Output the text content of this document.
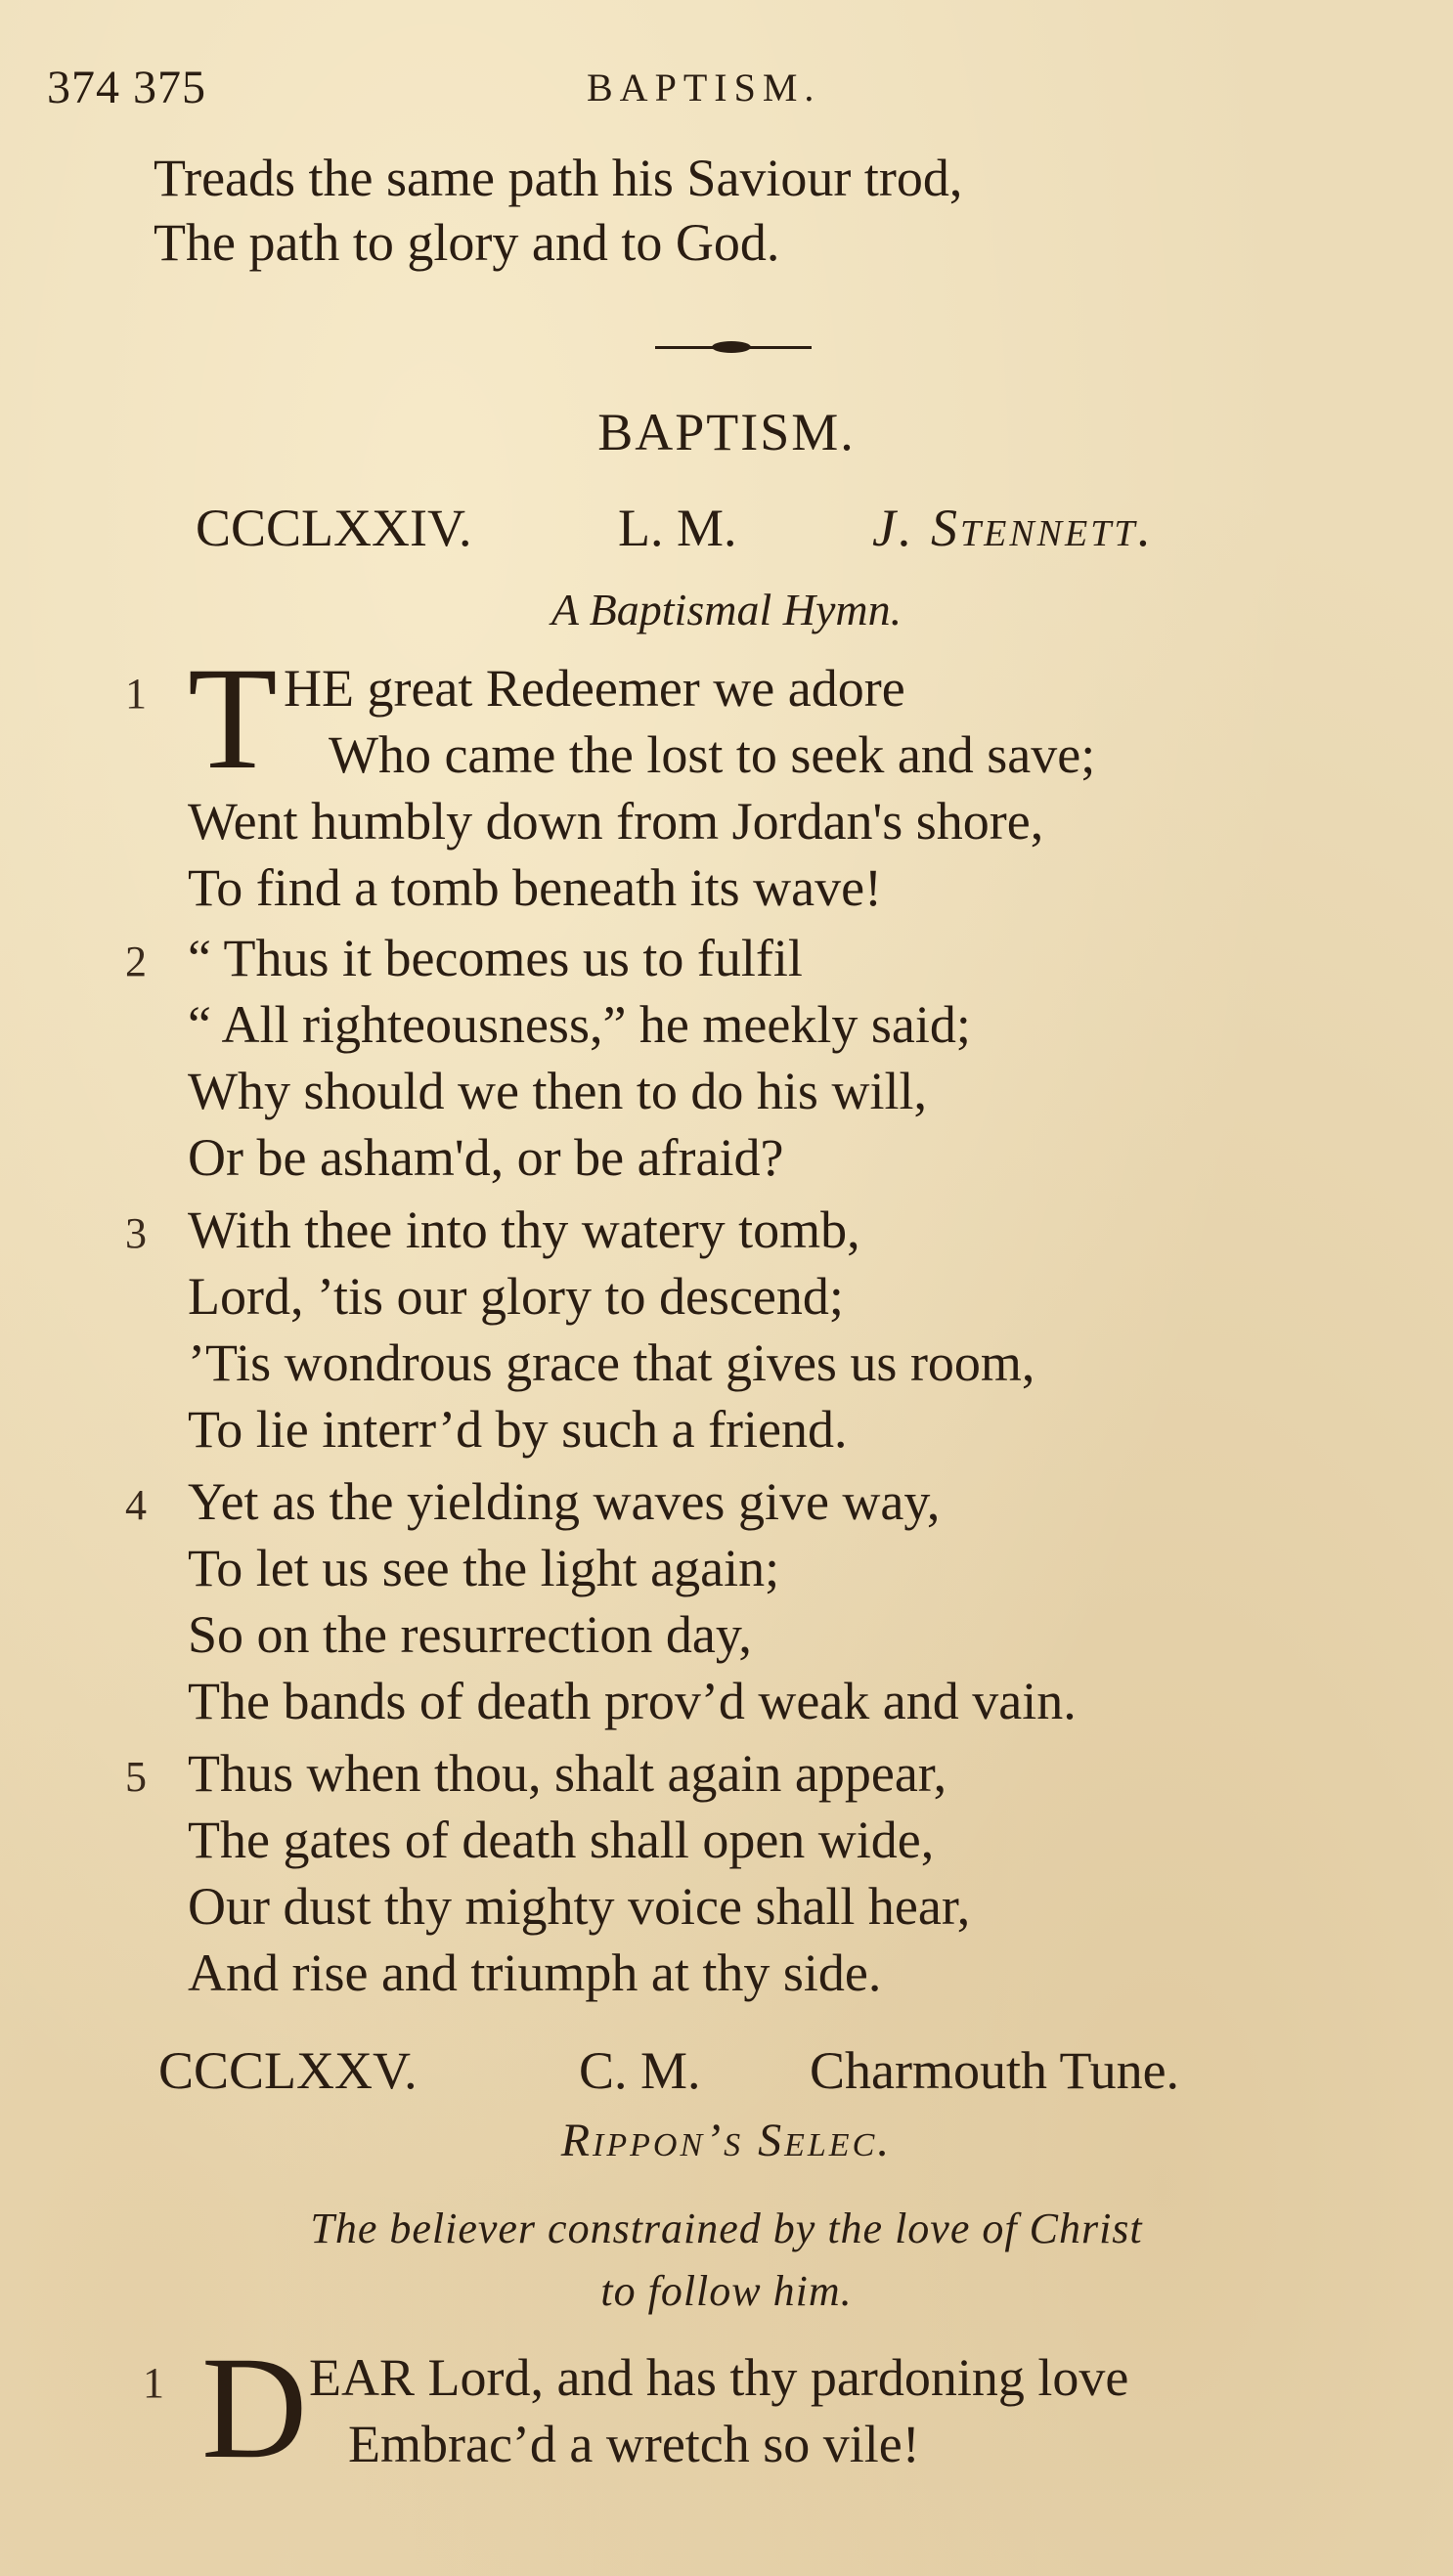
374 375	BAPTISM.
Treads the same path his Saviour trod,
The path to glory and to God.
BAPTISM.
CCCLXXIV.	L. M.	J. Stennett.
A Baptismal Hymn.
1 T HE great Redeemer we adore
Who came the lost to seek and save;
Went humbly down from Jordan's shore,
To find a tomb beneath its wave!
2 “ Thus it becomes us to fulfil
“ All righteousness,” he meekly said;
Why should we then to do his will,
Or be asham'd, or be afraid?
3 With thee into thy watery tomb,
Lord, ’tis our glory to descend;
’Tis wondrous grace that gives us room,
To lie interr’d by such a friend.
4 Yet as the yielding waves give way,
To let us see the light again;
So on the resurrection day,
The bands of death prov’d weak and vain.
5 Thus when thou, shalt again appear,
The gates of death shall open wide,
Our dust thy mighty voice shall hear,
And rise and triumph at thy side.
CCCLXXV.	C. M. Charmouth Tune.
Rippon’s Selec.
The believer constrained by the love of Christ
to follow him.
1 D EAR Lord, and has thy pardoning love
Embrac’d a wretch so vile!
